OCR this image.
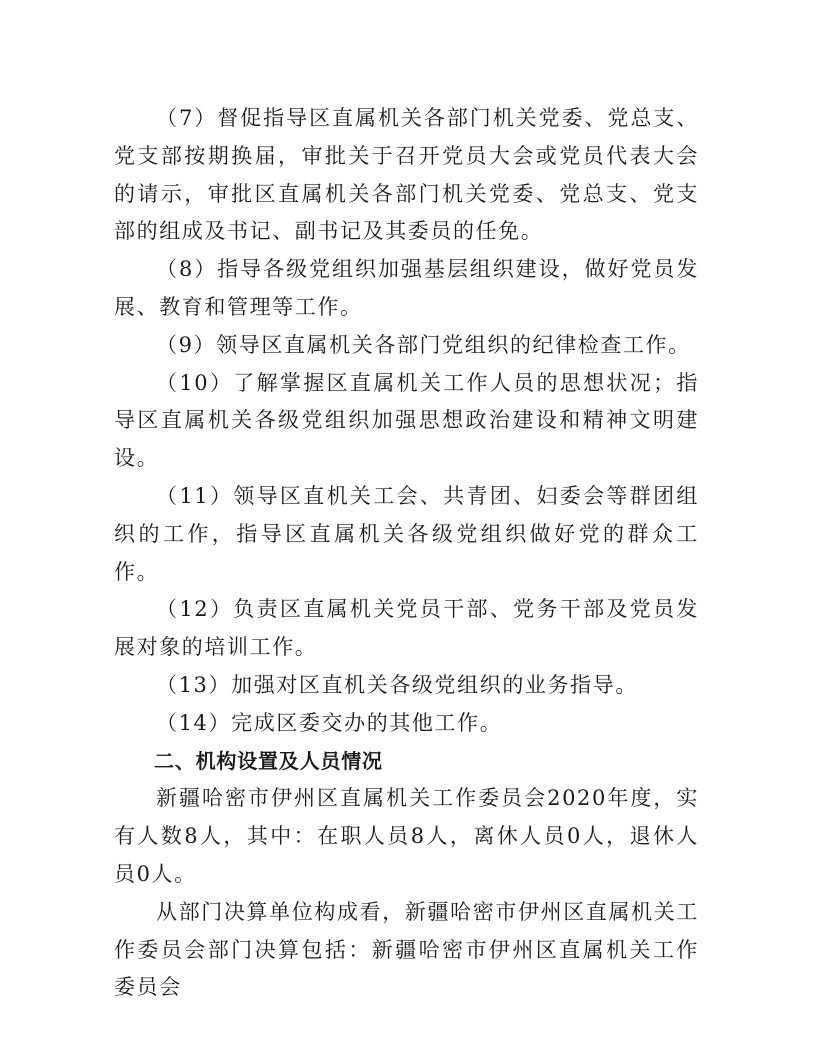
（7）督促指导区直属机关各部门机关党委、党总支、党支部按期换届，审批关于召开党员大会或党员代表大会的请示，审批区直属机关各部门机关党委、党总支、党支部的组成及书记、副书记及其委员的任免。

（8）指导各级党组织加强基层组织建设，做好党员发展、教育和管理等工作。

（9）领导区直属机关各部门党组织的纪律检查工作。

（10）了解掌握区直属机关工作人员的思想状况；指导区直属机关各级党组织加强思想政治建设和精神文明建设。

（11）领导区直机关工会、共青团、妇委会等群团组织的工作，指导区直属机关各级党组织做好党的群众工作。

（12）负责区直属机关党员干部、党务干部及党员发展对象的培训工作。

（13）加强对区直机关各级党组织的业务指导。

（14）完成区委交办的其他工作。

二、机构设置及人员情况

新疆哈密市伊州区直属机关工作委员会2020年度，实有人数8人，其中：在职人员8人，离休人员0人，退休人员0人。

从部门决算单位构成看，新疆哈密市伊州区直属机关工作委员会部门决算包括：新疆哈密市伊州区直属机关工作委员会
